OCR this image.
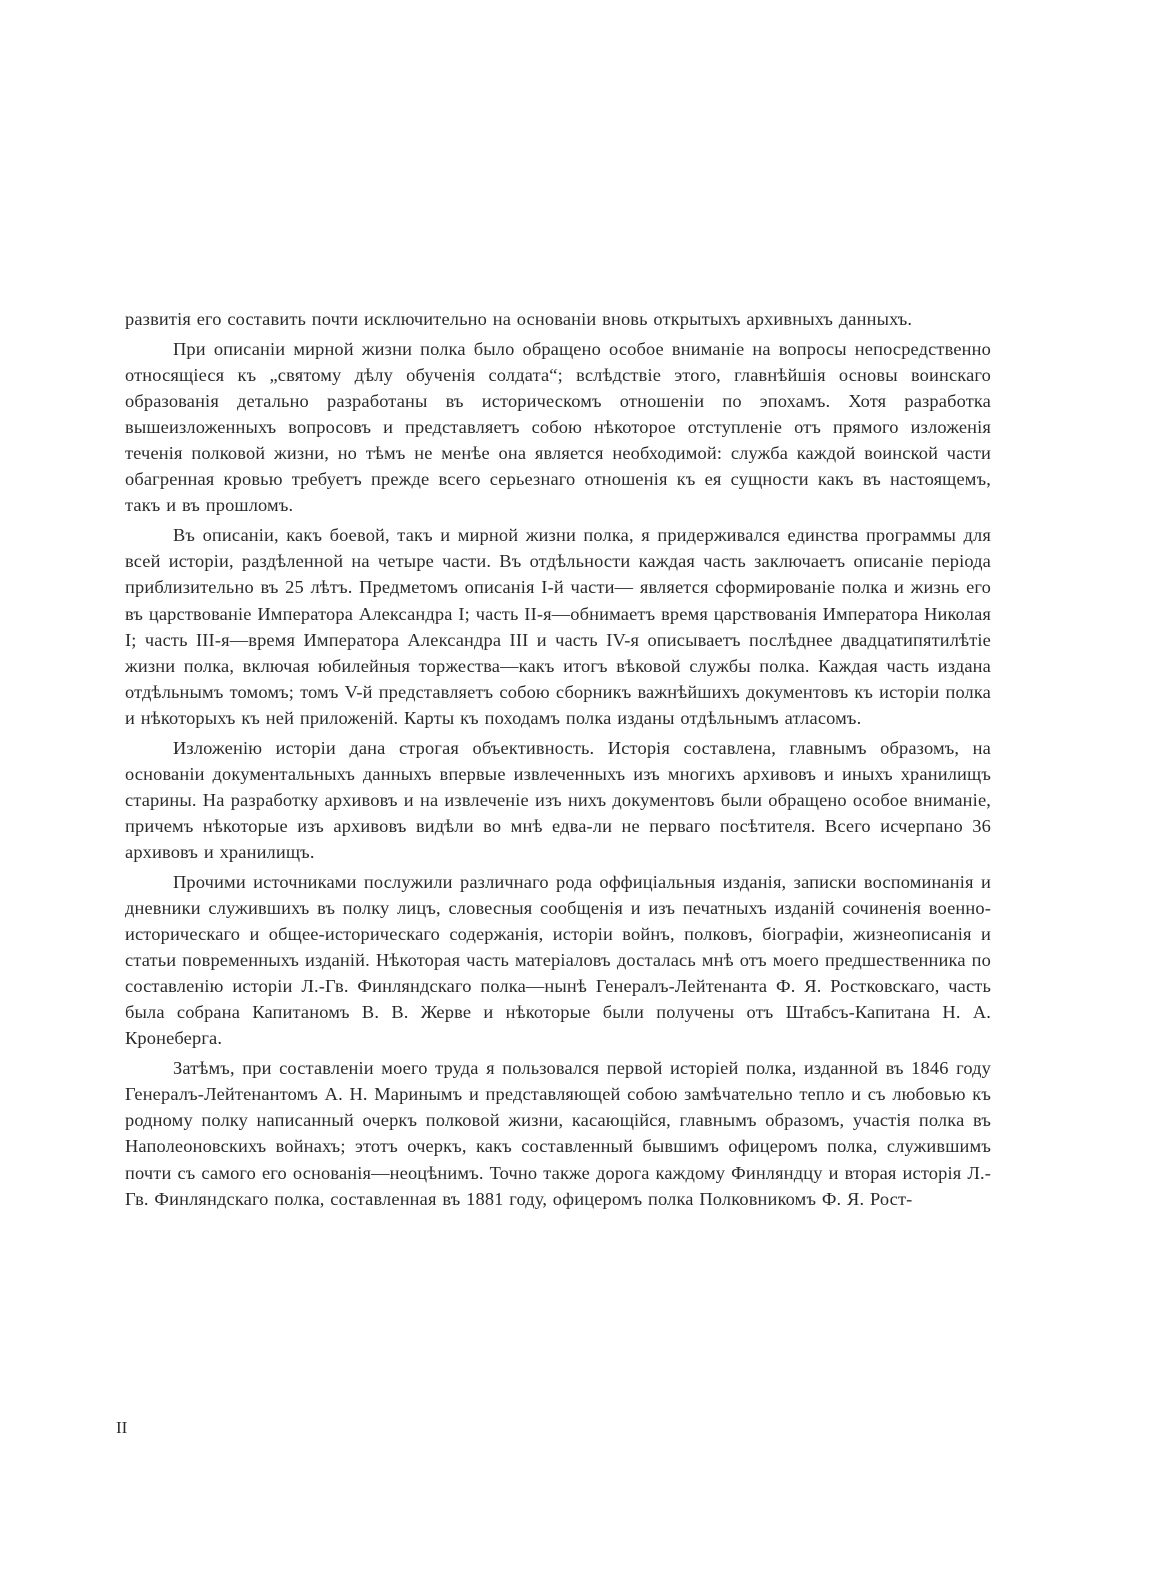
развитія его составить почти исключительно на основаніи вновь открытыхъ архивныхъ данныхъ.

При описаніи мирной жизни полка было обращено особое вниманіе на вопросы непосредственно относящіеся къ „святому дѣлу обученія солдата“; вслѣдствіе этого, главнѣйшія основы воинскаго образованія детально разработаны въ историческомъ отношеніи по эпохамъ. Хотя разработка вышеизложенныхъ вопросовъ и представляетъ собою нѣкоторое отступленіе отъ прямого изложенія теченія полковой жизни, но тѣмъ не менѣе она является необходимой: служба каждой воинской части обагренная кровью требуетъ прежде всего серьезнаго отношенія къ ея сущности какъ въ настоящемъ, такъ и въ прошломъ.

Въ описаніи, какъ боевой, такъ и мирной жизни полка, я придерживался единства программы для всей исторіи, раздѣленной на четыре части. Въ отдѣльности каждая часть заключаетъ описаніе періода приблизительно въ 25 лѣтъ. Предметомъ описанія I-й части— является сформированіе полка и жизнь его въ царствованіе Императора Александра I; часть II-я—обнимаетъ время царствованія Императора Николая I; часть III-я—время Императора Александра III и часть IV-я описываетъ послѣднее двадцатипятилѣтіе жизни полка, включая юбилейныя торжества—какъ итогъ вѣковой службы полка. Каждая часть издана отдѣльнымъ томомъ; томъ V-й представляетъ собою сборникъ важнѣйшихъ документовъ къ исторіи полка и нѣкоторыхъ къ ней приложеній. Карты къ походамъ полка изданы отдѣльнымъ атласомъ.

Изложенію исторіи дана строгая объективность. Исторія составлена, главнымъ образомъ, на основаніи документальныхъ данныхъ впервые извлеченныхъ изъ многихъ архивовъ и иныхъ хранилищъ старины. На разработку архивовъ и на извлеченіе изъ нихъ документовъ были обращено особое вниманіе, причемъ нѣкоторые изъ архивовъ видѣли во мнѣ едва-ли не перваго посѣтителя. Всего исчерпано 36 архивовъ и хранилищъ.

Прочими источниками послужили различнаго рода оффиціальныя изданія, записки воспоминанія и дневники служившихъ въ полку лицъ, словесныя сообщенія и изъ печатныхъ изданій сочиненія военно-историческаго и общее-историческаго содержанія, исторіи войнъ, полковъ, біографіи, жизнеописанія и статьи повременныхъ изданій. Нѣкоторая часть матеріаловъ досталась мнѣ отъ моего предшественника по составленію исторіи Л.-Гв. Финляндскаго полка—нынѣ Генералъ-Лейтенанта Ф. Я. Ростковскаго, часть была собрана Капитаномъ В. В. Жерве и нѣкоторые были получены отъ Штабсъ-Капитана Н. А. Кронеберга.

Затѣмъ, при составленіи моего труда я пользовался первой исторіей полка, изданной въ 1846 году Генералъ-Лейтенантомъ А. Н. Маринымъ и представляющей собою замѣчательно тепло и съ любовью къ родному полку написанный очеркъ полковой жизни, касающійся, главнымъ образомъ, участія полка въ Наполеоновскихъ войнахъ; этотъ очеркъ, какъ составленный бывшимъ офицеромъ полка, служившимъ почти съ самого его основанія—неоцѣнимъ. Точно также дорога каждому Финляндцу и вторая исторія Л.-Гв. Финляндскаго полка, составленная въ 1881 году, офицеромъ полка Полковникомъ Ф. Я. Рост-

II
